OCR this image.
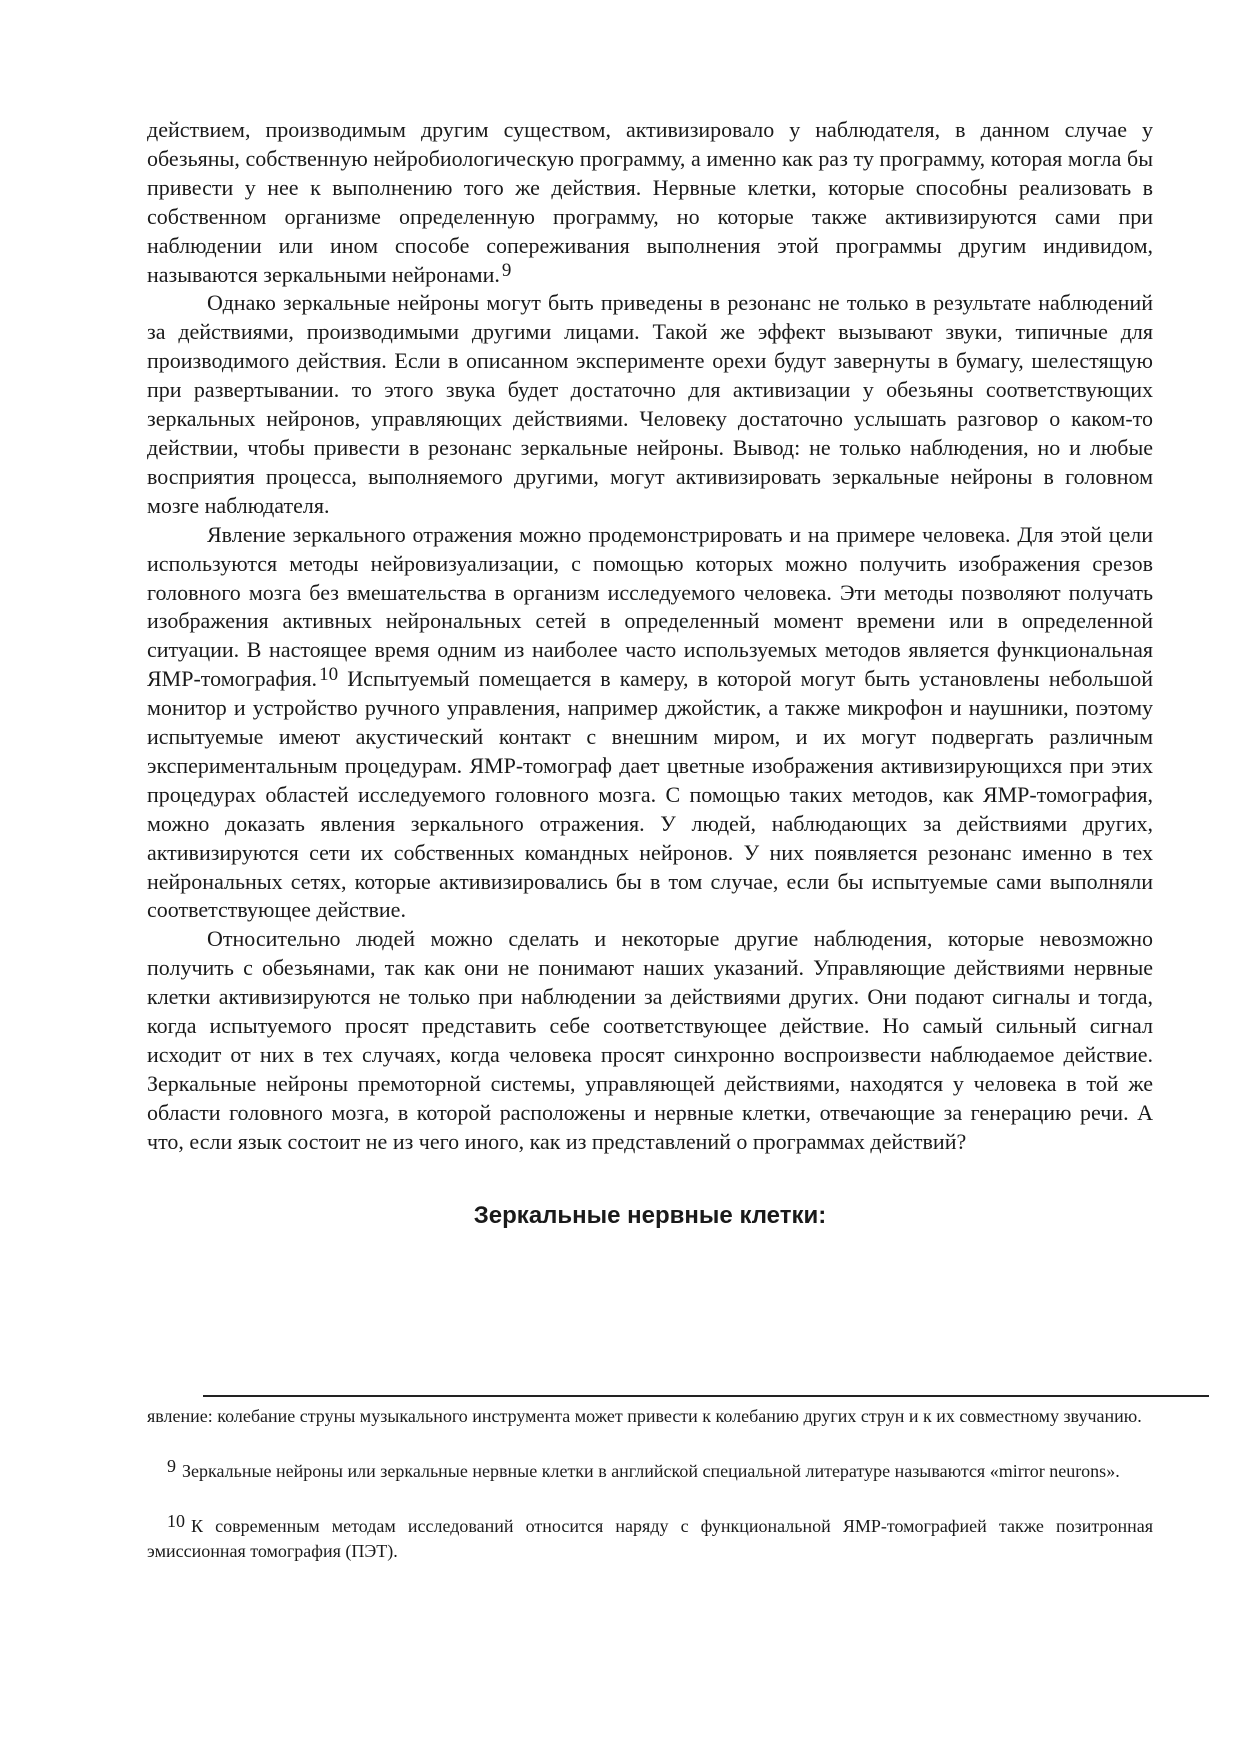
действием, производимым другим существом, активизировало у наблюдателя, в данном случае у обезьяны, собственную нейробиологическую программу, а именно как раз ту программу, которая могла бы привести у нее к выполнению того же действия. Нервные клетки, которые способны реализовать в собственном организме определенную программу, но которые также активизируются сами при наблюдении или ином способе сопереживания выполнения этой программы другим индивидом, называются зеркальными нейронами. $^9$

Однако зеркальные нейроны могут быть приведены в резонанс не только в результате наблюдений за действиями, производимыми другими лицами. Такой же эффект вызывают звуки, типичные для производимого действия. Если в описанном эксперименте орехи будут завернуты в бумагу, шелестящую при развертывании. то этого звука будет достаточно для активизации у обезьяны соответствующих зеркальных нейронов, управляющих действиями. Человеку достаточно услышать разговор о каком-то действии, чтобы привести в резонанс зеркальные нейроны. Вывод: не только наблюдения, но и любые восприятия процесса, выполняемого другими, могут активизировать зеркальные нейроны в головном мозге наблюдателя.

Явление зеркального отражения можно продемонстрировать и на примере человека. Для этой цели используются методы нейровизуализации, с помощью которых можно получить изображения срезов головного мозга без вмешательства в организм исследуемого человека. Эти методы позволяют получать изображения активных нейрональных сетей в определенный момент времени или в определенной ситуации. В настоящее время одним из наиболее часто используемых методов является функциональная ЯМР-томография. $^{10}$ Испытуемый помещается в камеру, в которой могут быть установлены небольшой монитор и устройство ручного управления, например джойстик, а также микрофон и наушники, поэтому испытуемые имеют акустический контакт с внешним миром, и их могут подвергать различным экспериментальным процедурам. ЯМР-томограф дает цветные изображения активизирующихся при этих процедурах областей исследуемого головного мозга. С помощью таких методов, как ЯМР-томография, можно доказать явления зеркального отражения. У людей, наблюдающих за действиями других, активизируются сети их собственных командных нейронов. У них появляется резонанс именно в тех нейрональных сетях, которые активизировались бы в том случае, если бы испытуемые сами выполняли соответствующее действие.

Относительно людей можно сделать и некоторые другие наблюдения, которые невозможно получить с обезьянами, так как они не понимают наших указаний. Управляющие действиями нервные клетки активизируются не только при наблюдении за действиями других. Они подают сигналы и тогда, когда испытуемого просят представить себе соответствующее действие. Но самый сильный сигнал исходит от них в тех случаях, когда человека просят синхронно воспроизвести наблюдаемое действие. Зеркальные нейроны премоторной системы, управляющей действиями, находятся у человека в той же области головного мозга, в которой расположены и нервные клетки, отвечающие за генерацию речи. А что, если язык состоит не из чего иного, как из представлений о программах действий?

Зеркальные нервные клетки:

явление: колебание струны музыкального инструмента может привести к колебанию других струн и к их совместному звучанию.

9 Зеркальные нейроны или зеркальные нервные клетки в английской специальной литературе называются «mirror neurons».

10 К современным методам исследований относится наряду с функциональной ЯМР-томографией также позитронная эмиссионная томография (ПЭТ).
